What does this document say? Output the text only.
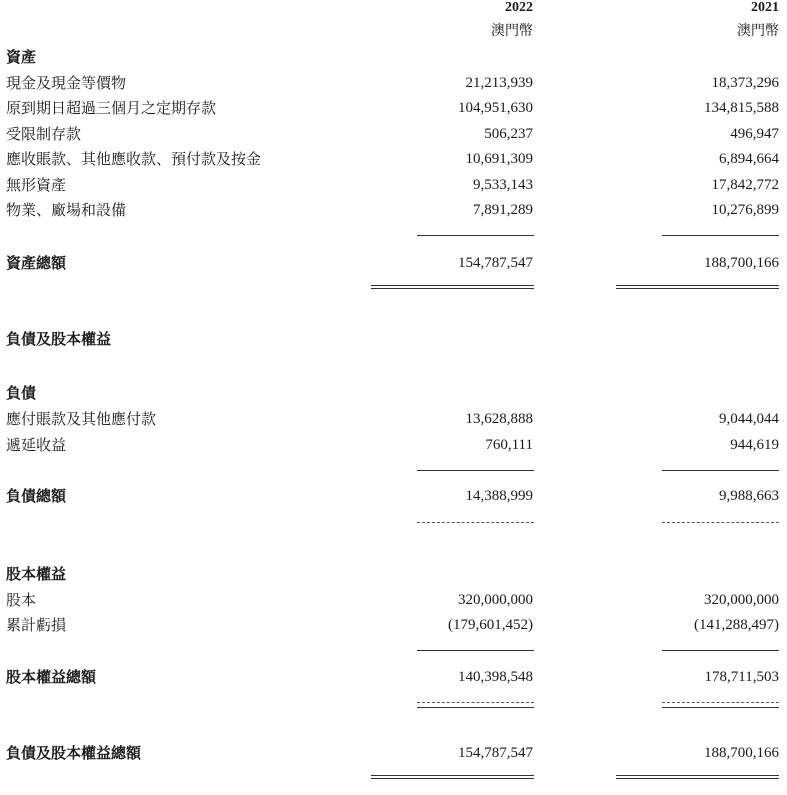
2022	2021
澳門幣	澳門幣
資產
現金及現金等價物	21,213,939	18,373,296
原到期日超過三個月之定期存款	104,951,630	134,815,588
受限制存款	506,237	496,947
應收賬款、其他應收款、預付款及按金	10,691,309	6,894,664
無形資產	9,533,143	17,842,772
物業、廠場和設備	7,891,289	10,276,899
資產總額	154,787,547	188,700,166
負債及股本權益
負債
應付賬款及其他應付款	13,628,888	9,044,044
遞延收益	760,111	944,619
負債總額	14,388,999	9,988,663
股本權益
股本	320,000,000	320,000,000
累計虧損	(179,601,452)	(141,288,497)
股本權益總額	140,398,548	178,711,503
負債及股本權益總額	154,787,547	188,700,166
